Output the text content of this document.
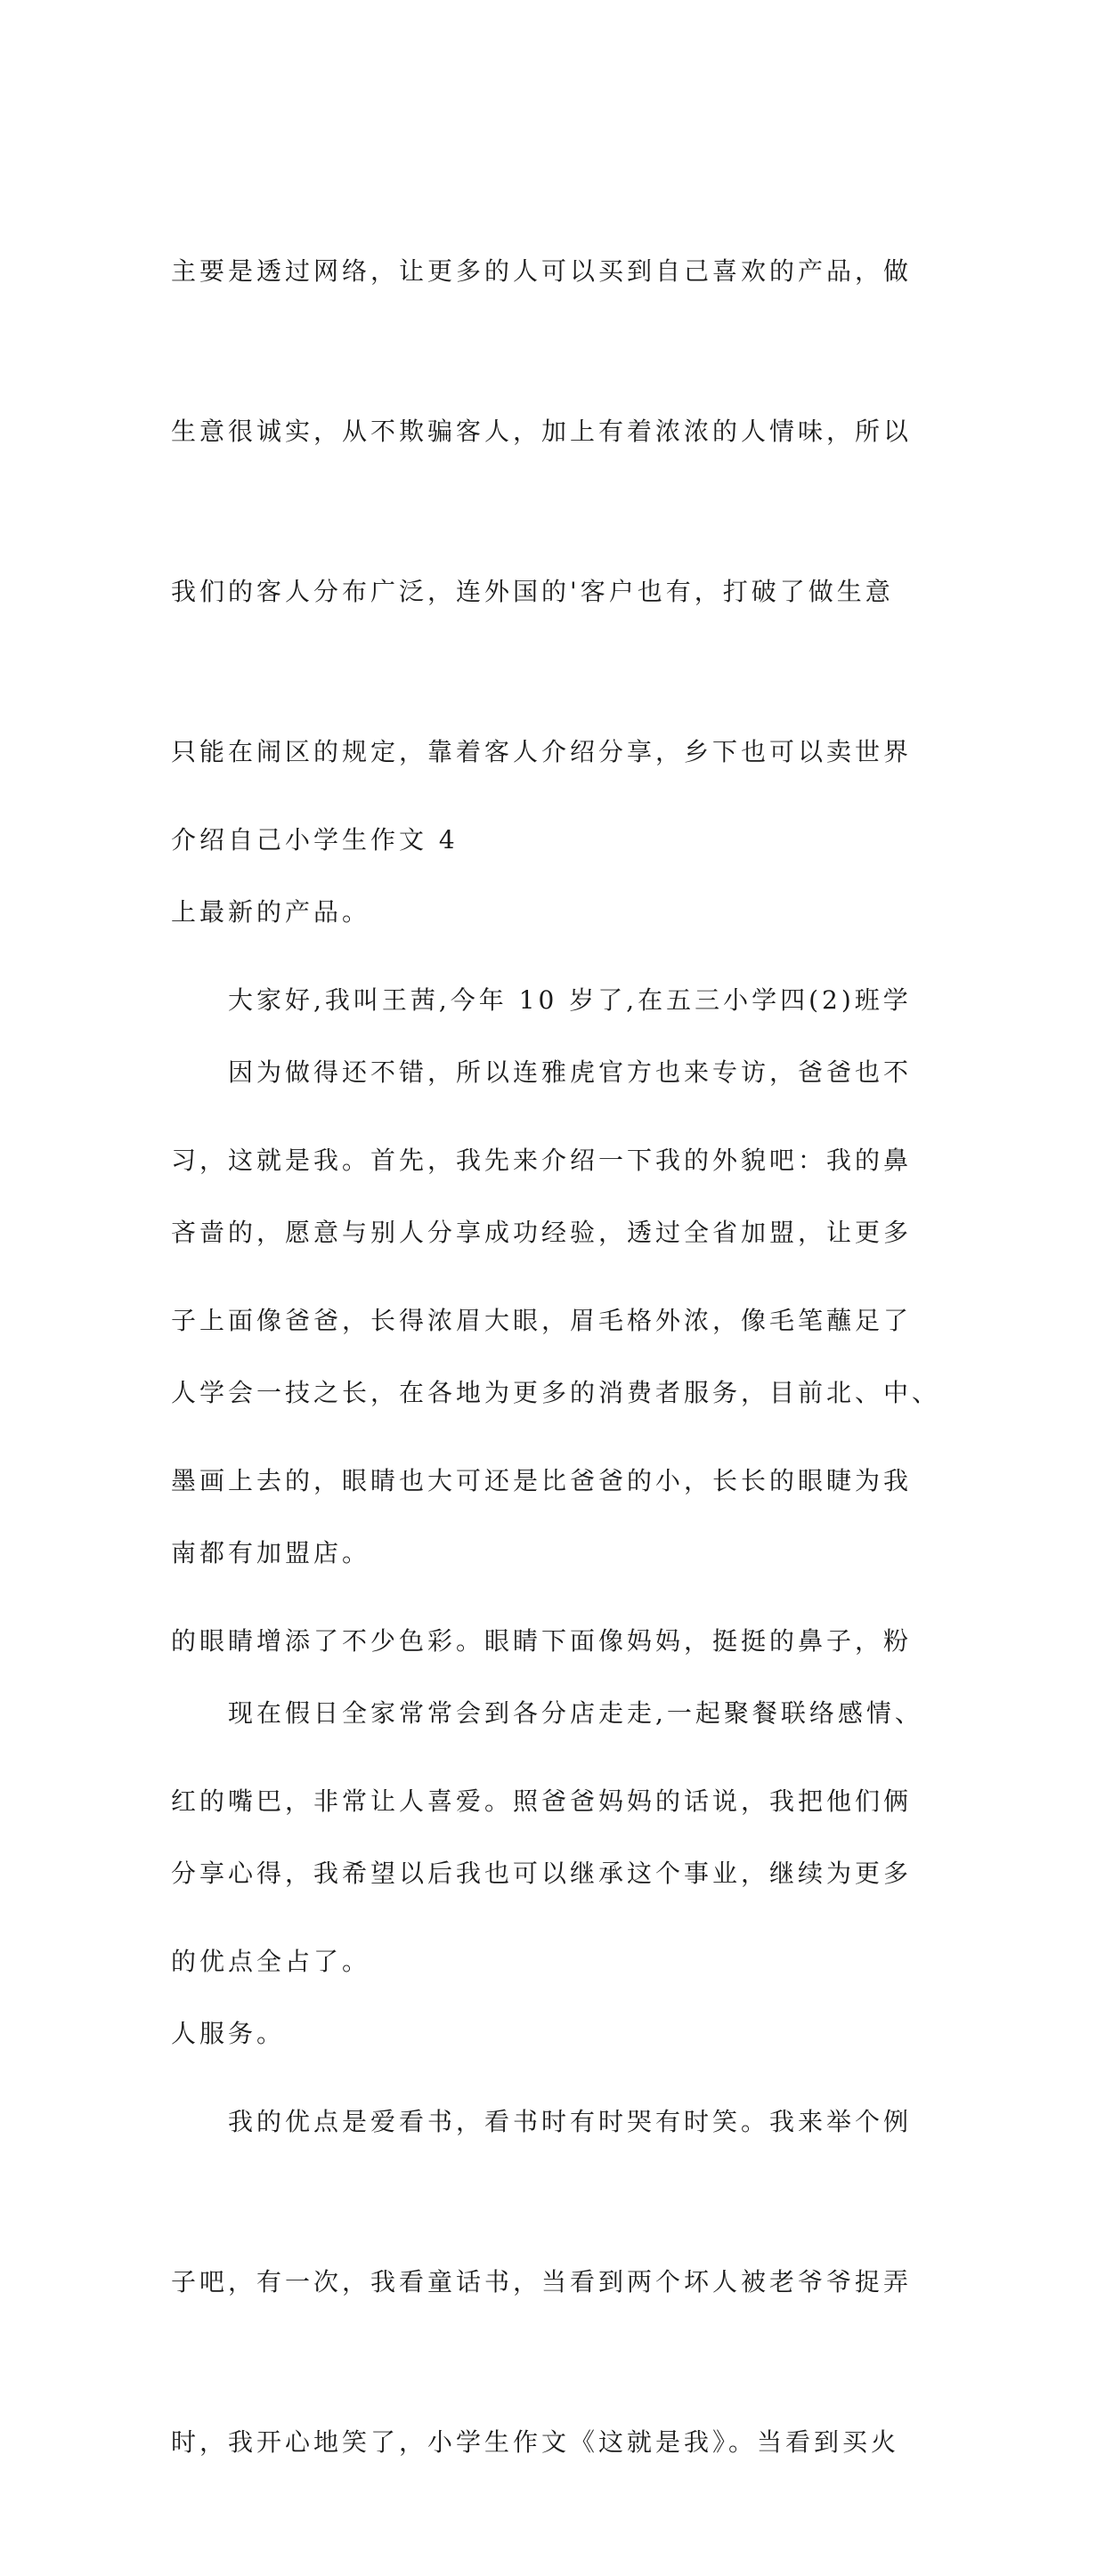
主要是透过网络，让更多的人可以买到自己喜欢的产品，做

生意很诚实，从不欺骗客人，加上有着浓浓的人情味，所以

我们的客人分布广泛，连外国的'客户也有，打破了做生意

只能在闹区的规定，靠着客人介绍分享，乡下也可以卖世界

上最新的产品。

　　因为做得还不错，所以连雅虎官方也来专访，爸爸也不

吝啬的，愿意与别人分享成功经验，透过全省加盟，让更多

人学会一技之长，在各地为更多的消费者服务，目前北、中、

南都有加盟店。

　　现在假日全家常常会到各分店走走,一起聚餐联络感情、

分享心得，我希望以后我也可以继承这个事业，继续为更多

人服务。

介绍自己小学生作文 4

　　大家好,我叫王茜,今年 10 岁了,在五三小学四(2)班学

习，这就是我。首先，我先来介绍一下我的外貌吧：我的鼻

子上面像爸爸，长得浓眉大眼，眉毛格外浓，像毛笔蘸足了

墨画上去的，眼睛也大可还是比爸爸的小，长长的眼睫为我

的眼睛增添了不少色彩。眼睛下面像妈妈，挺挺的鼻子，粉

红的嘴巴，非常让人喜爱。照爸爸妈妈的话说，我把他们俩

的优点全占了。

　　我的优点是爱看书，看书时有时哭有时笑。我来举个例

子吧，有一次，我看童话书，当看到两个坏人被老爷爷捉弄

时，我开心地笑了，小学生作文《这就是我》。当看到买火
